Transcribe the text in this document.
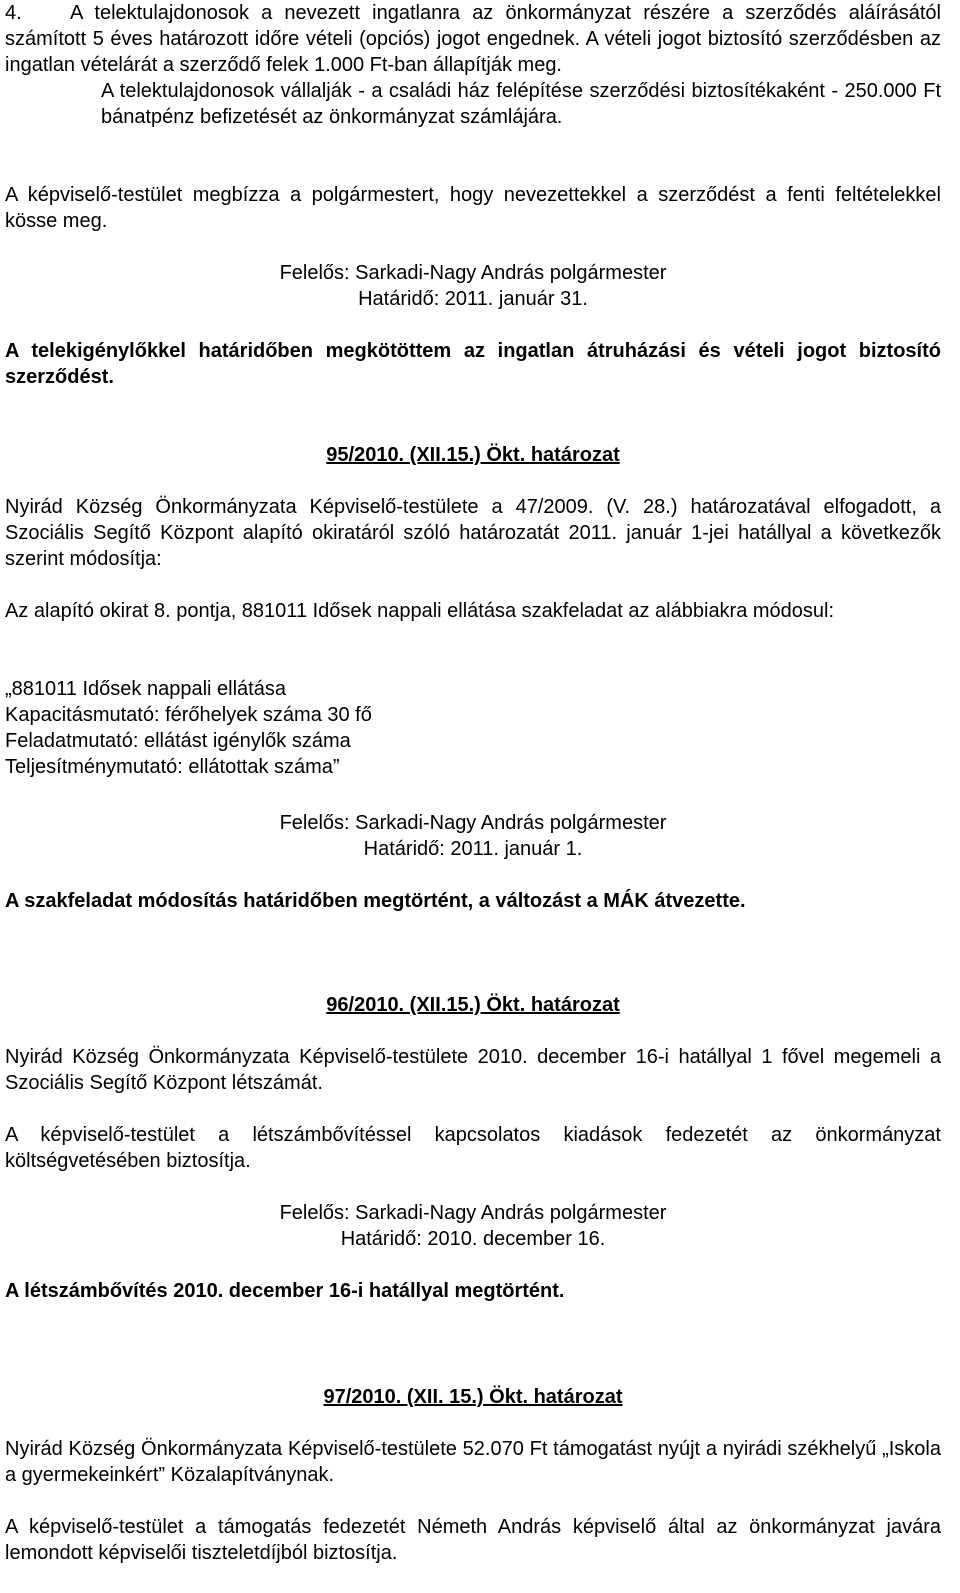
4. A telektulajdonosok a nevezett ingatlanra az önkormányzat részére a szerződés aláírásától számított 5 éves határozott időre vételi (opciós) jogot engednek. A vételi jogot biztosító szerződésben az ingatlan vételárát a szerződő felek 1.000 Ft-ban állapítják meg.

A telektulajdonosok vállalják - a családi ház felépítése szerződési biztosítékaként - 250.000 Ft bánatpénz befizetését az önkormányzat számlájára.

A képviselő-testület megbízza a polgármestert, hogy nevezettekkel a szerződést a fenti feltételekkel kösse meg.

Felelős: Sarkadi-Nagy András polgármester
Határidő: 2011. január 31.

A telekigénylőkkel határidőben megkötöttem az ingatlan átruházási és vételi jogot biztosító szerződést.

95/2010. (XII.15.) Ökt. határozat

Nyirád Község Önkormányzata Képviselő-testülete a 47/2009. (V. 28.) határozatával elfogadott, a Szociális Segítő Központ alapító okiratáról szóló határozatát 2011. január 1-jei hatállyal a következők szerint módosítja:

Az alapító okirat 8. pontja, 881011 Idősek nappali ellátása szakfeladat az alábbiakra módosul:

„881011 Idősek nappali ellátása
Kapacitásmutató: férőhelyek száma 30 fő
Feladatmutató: ellátást igénylők száma
Teljesítménymutató: ellátottak száma”

Felelős: Sarkadi-Nagy András polgármester
Határidő: 2011. január 1.

A szakfeladat módosítás határidőben megtörtént, a változást a MÁK átvezette.

96/2010. (XII.15.) Ökt. határozat

Nyirád Község Önkormányzata Képviselő-testülete 2010. december 16-i hatállyal 1 fővel megemeli a Szociális Segítő Központ létszámát.

A képviselő-testület a létszámbővítéssel kapcsolatos kiadások fedezetét az önkormányzat költségvetésében biztosítja.

Felelős: Sarkadi-Nagy András polgármester
Határidő: 2010. december 16.

A létszámbővítés 2010. december 16-i hatállyal megtörtént.

97/2010. (XII. 15.) Ökt. határozat

Nyirád Község Önkormányzata Képviselő-testülete 52.070 Ft támogatást nyújt a nyirádi székhelyű „Iskola a gyermekeinkért” Közalapítványnak.

A képviselő-testület a támogatás fedezetét Németh András képviselő által az önkormányzat javára lemondott képviselői tiszteletdíjból biztosítja.
